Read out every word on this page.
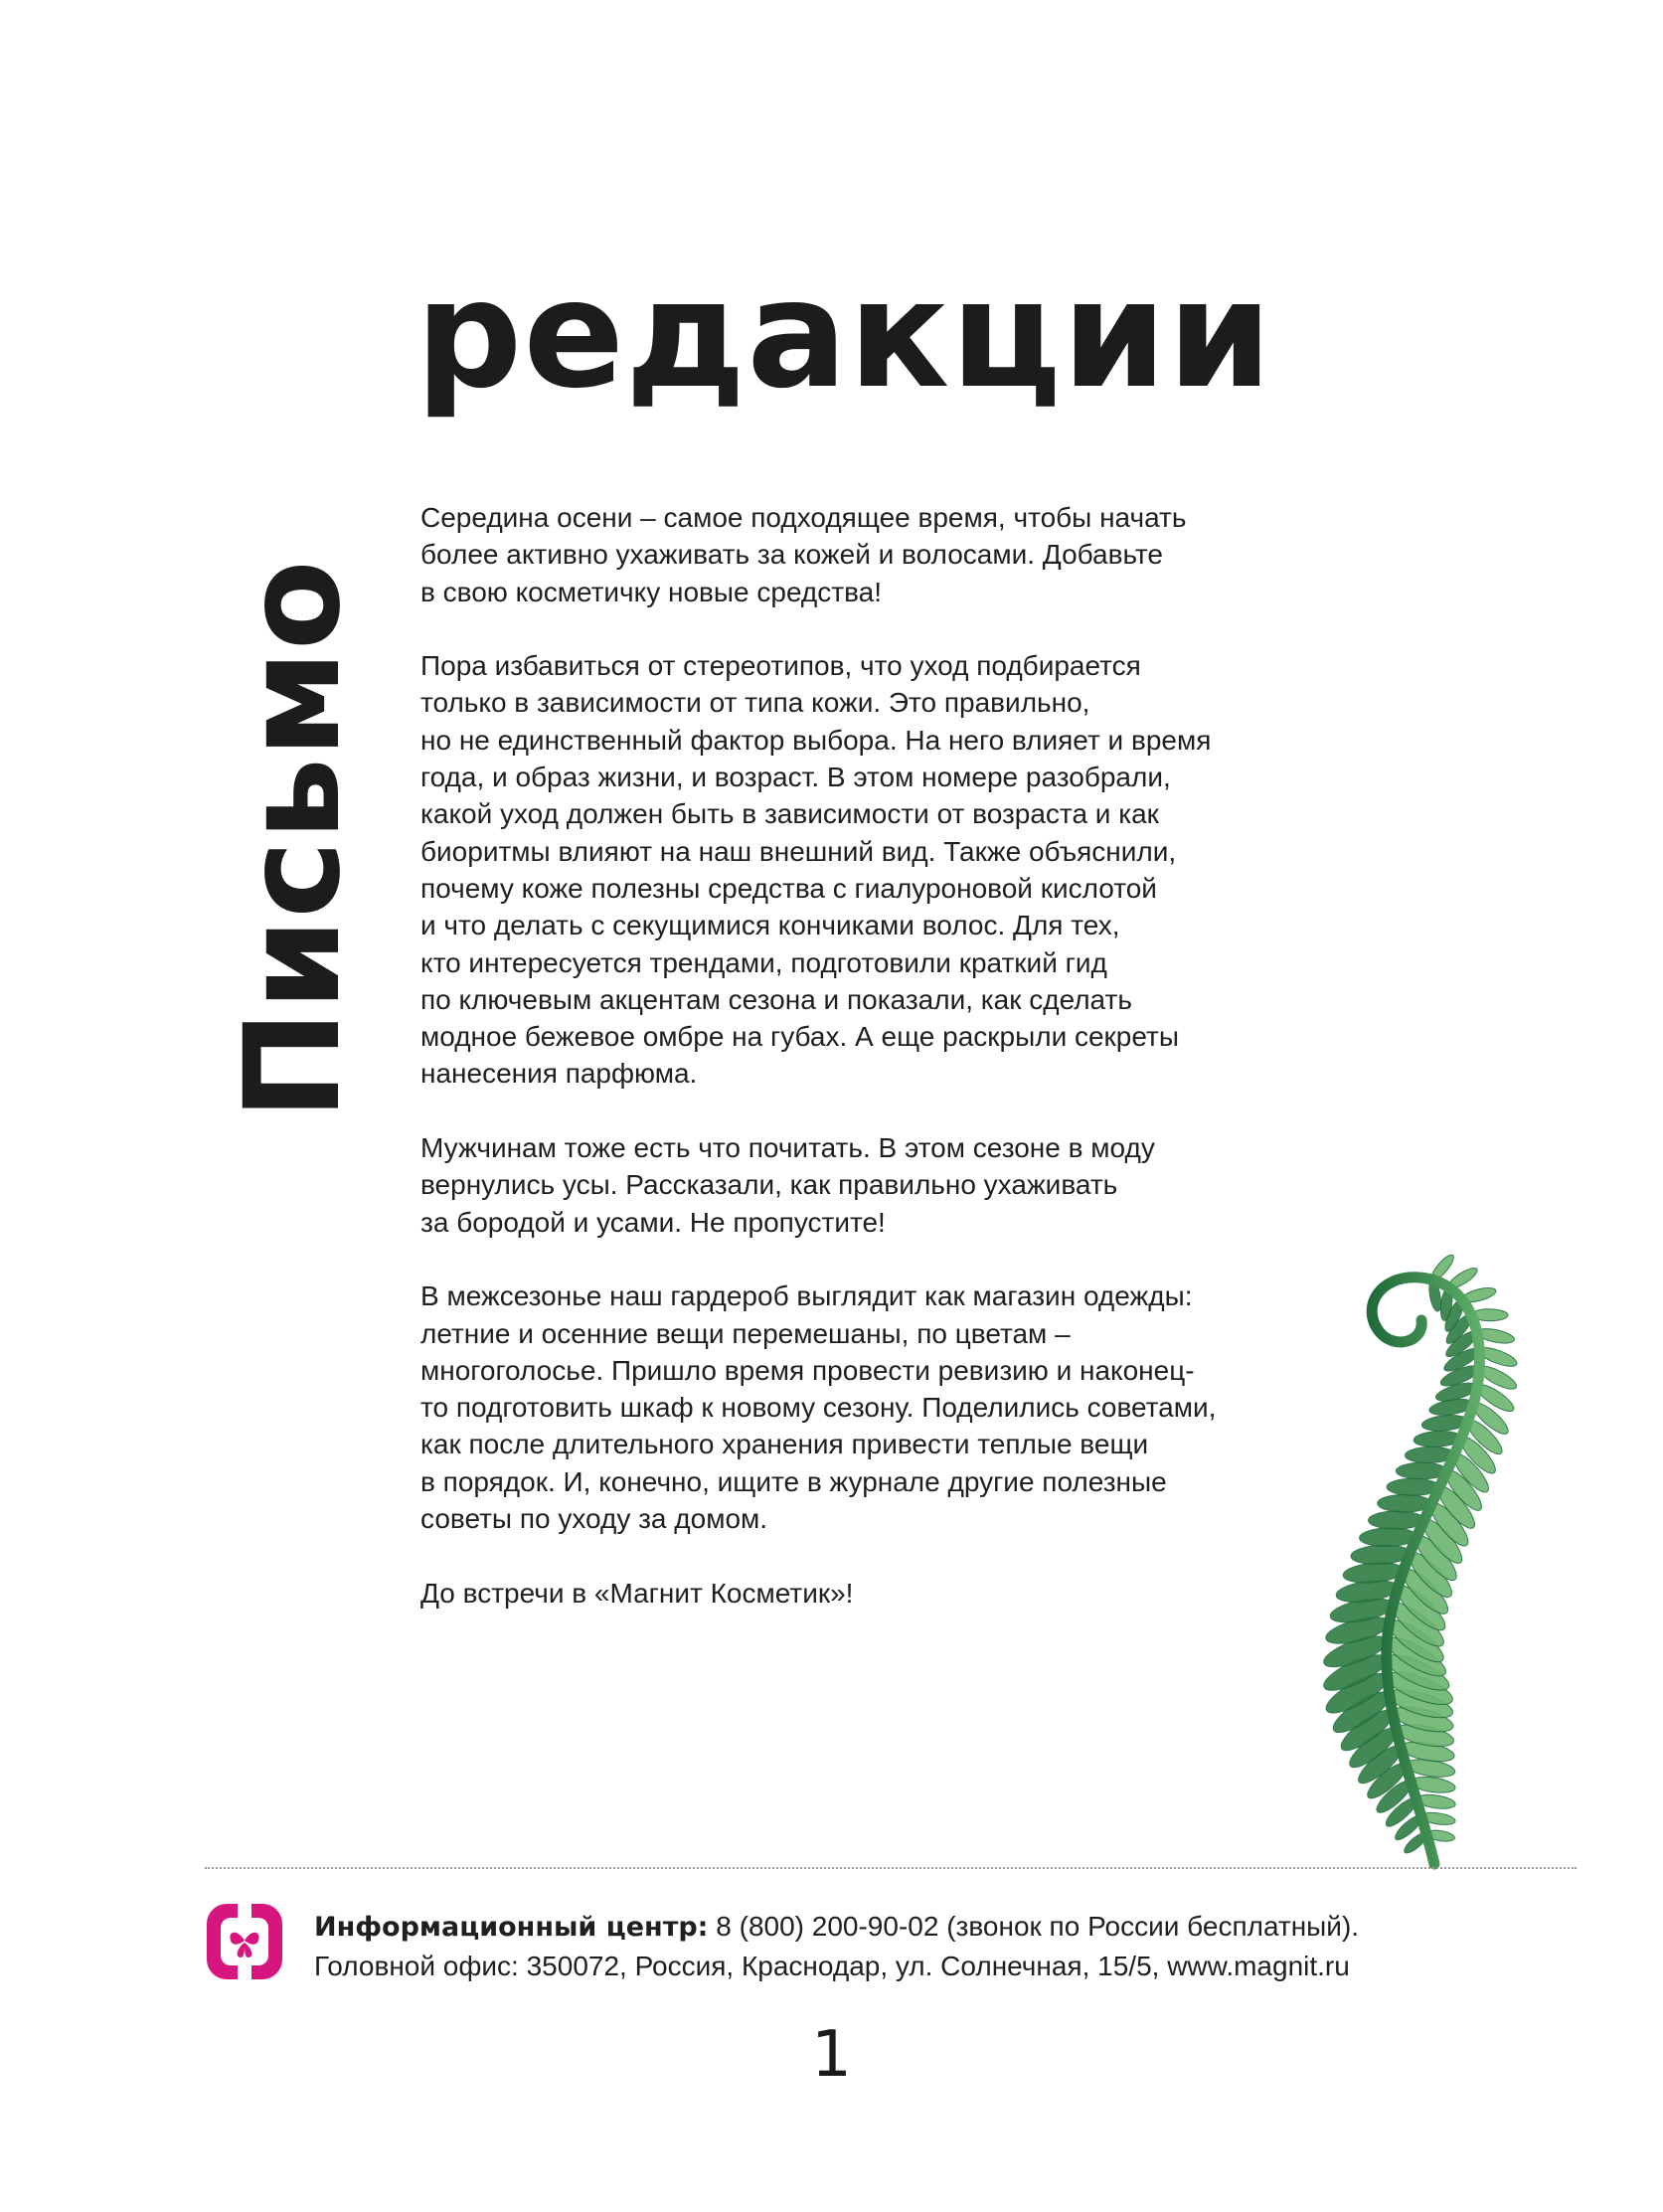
редакции
Письмо

Середина осени – самое подходящее время, чтобы начать
более активно ухаживать за кожей и волосами. Добавьте
в свою косметичку новые средства!

Пора избавиться от стереотипов, что уход подбирается
только в зависимости от типа кожи. Это правильно,
но не единственный фактор выбора. На него влияет и время
года, и образ жизни, и возраст. В этом номере разобрали,
какой уход должен быть в зависимости от возраста и как
биоритмы влияют на наш внешний вид. Также объяснили,
почему коже полезны средства с гиалуроновой кислотой
и что делать с секущимися кончиками волос. Для тех,
кто интересуется трендами, подготовили краткий гид
по ключевым акцентам сезона и показали, как сделать
модное бежевое омбре на губах. А еще раскрыли секреты
нанесения парфюма.

Мужчинам тоже есть что почитать. В этом сезоне в моду
вернулись усы. Рассказали, как правильно ухаживать
за бородой и усами. Не пропустите!

В межсезонье наш гардероб выглядит как магазин одежды:
летние и осенние вещи перемешаны, по цветам –
многоголосье. Пришло время провести ревизию и наконец-
то подготовить шкаф к новому сезону. Поделились советами,
как после длительного хранения привести теплые вещи
в порядок. И, конечно, ищите в журнале другие полезные
советы по уходу за домом.

До встречи в «Магнит Косметик»!

Информационный центр: 8 (800) 200-90-02 (звонок по России бесплатный).
Головной офис: 350072, Россия, Краснодар, ул. Солнечная, 15/5, www.magnit.ru
1
